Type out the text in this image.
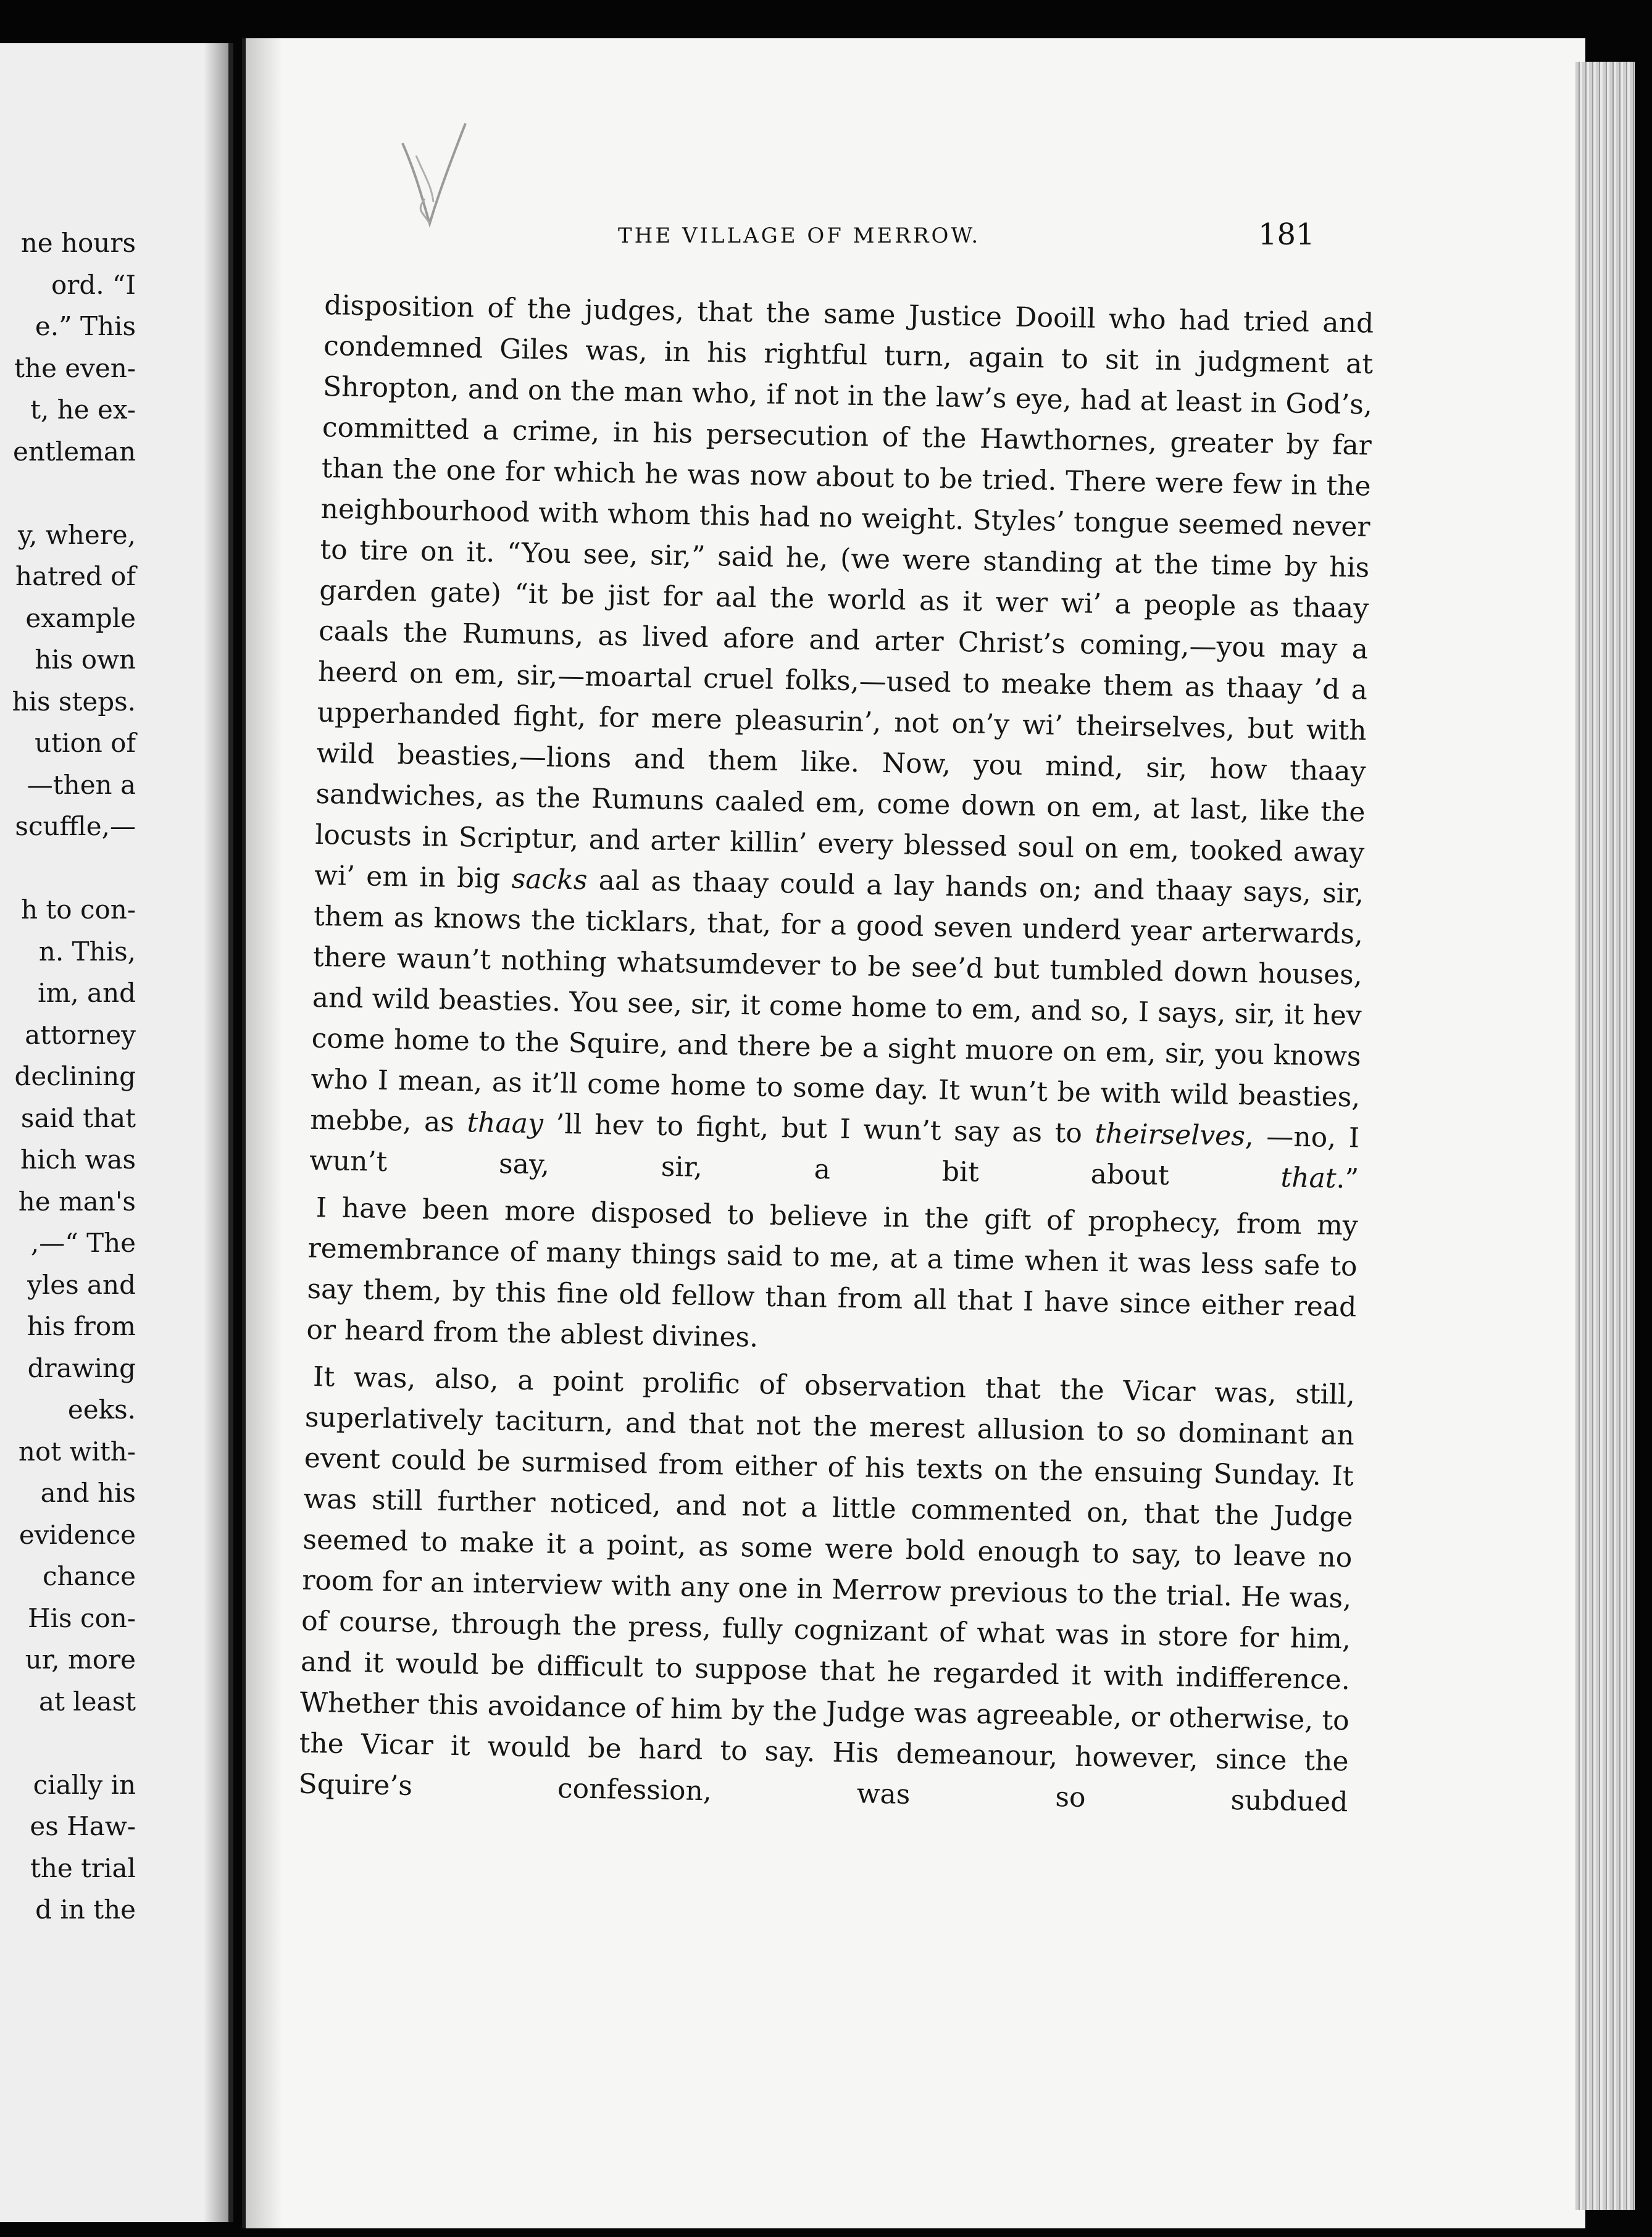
ne hours
ord. “I
e.” This
the even-
t, he ex-
entleman
y, where,
hatred of
example
his own
his steps.
ution of
—then a
scuffle,—
h to con-
n. This,
im, and
attorney
declining
said that
hich was
he man's
,—“ The
yles and
his from
drawing
eeks.
not with-
and his
evidence
chance
His con-
ur, more
at least
cially in
es Haw-
the trial
d in the
THE VILLAGE OF MERROW.	181

disposition of the judges, that the same Justice Dooill who had tried and condemned Giles was, in his rightful turn, again to sit in judgment at Shropton, and on the man who, if not in the law’s eye, had at least in God’s, committed a crime, in his persecution of the Hawthornes, greater by far than the one for which he was now about to be tried. There were few in the neighbourhood with whom this had no weight. Styles’ tongue seemed never to tire on it. “You see, sir,” said he, (we were standing at the time by his garden gate) “it be jist for aal the world as it wer wi’ a people as thaay caals the Rumuns, as lived afore and arter Christ’s coming,—you may a heerd on em, sir,—moartal cruel folks,—used to meake them as thaay ’d a upperhanded fight, for mere pleasurin’, not on’y wi’ theirselves, but with wild beasties,—lions and them like. Now, you mind, sir, how thaay sandwiches, as the Rumuns caaled em, come down on em, at last, like the locusts in Scriptur, and arter killin’ every blessed soul on em, tooked away wi’ em in big sacks aal as thaay could a lay hands on; and thaay says, sir, them as knows the ticklars, that, for a good seven underd year arterwards, there waun’t nothing whatsumdever to be see’d but tumbled down houses, and wild beasties. You see, sir, it come home to em, and so, I says, sir, it hev come home to the Squire, and there be a sight muore on em, sir, you knows who I mean, as it’ll come home to some day. It wun’t be with wild beasties, mebbe, as thaay ’ll hev to fight, but I wun’t say as to theirselves, —no, I wun’t say, sir, a bit about that.”

I have been more disposed to believe in the gift of prophecy, from my remembrance of many things said to me, at a time when it was less safe to say them, by this fine old fellow than from all that I have since either read or heard from the ablest divines.

It was, also, a point prolific of observation that the Vicar was, still, superlatively taciturn, and that not the merest allusion to so dominant an event could be surmised from either of his texts on the ensuing Sunday. It was still further noticed, and not a little commented on, that the Judge seemed to make it a point, as some were bold enough to say, to leave no room for an interview with any one in Merrow previous to the trial. He was, of course, through the press, fully cognizant of what was in store for him, and it would be difficult to suppose that he regarded it with indifference. Whether this avoidance of him by the Judge was agreeable, or otherwise, to the Vicar it would be hard to say. His demeanour, however, since the Squire’s confession, was so subdued
